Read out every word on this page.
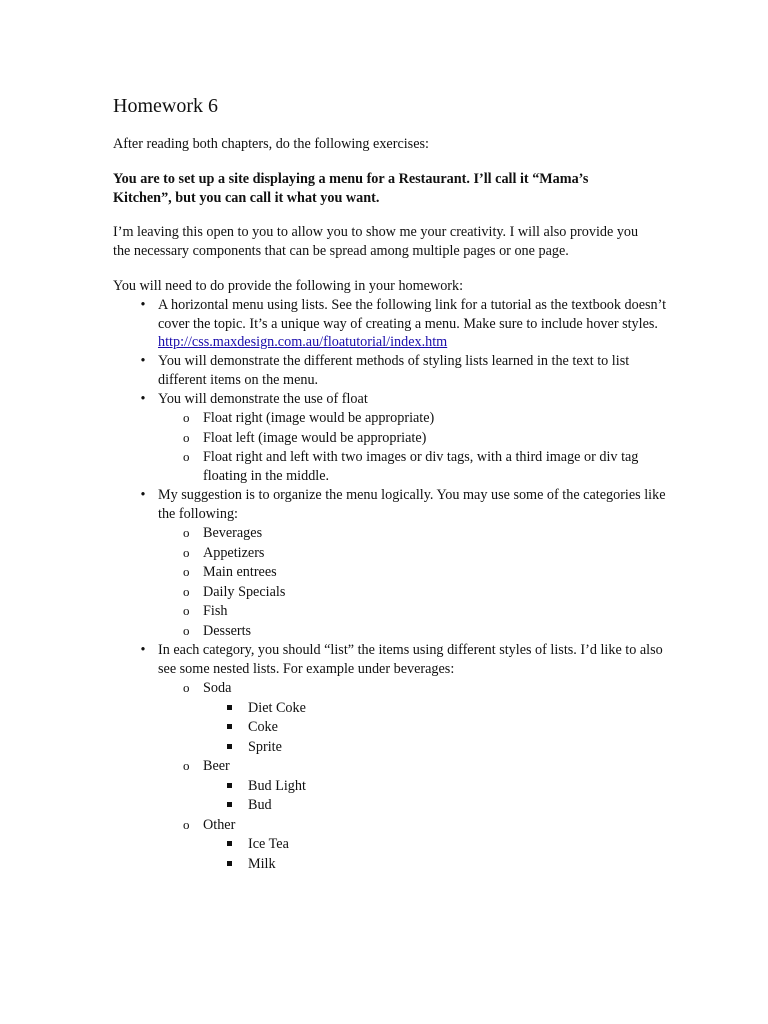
Homework 6

After reading both chapters, do the following exercises:

You are to set up a site displaying a menu for a Restaurant. I’ll call it “Mama’s Kitchen”, but you can call it what you want.

I’m leaving this open to you to allow you to show me your creativity. I will also provide you the necessary components that can be spread among multiple pages or one page.

You will need to do provide the following in your homework:

• A horizontal menu using lists. See the following link for a tutorial as the textbook doesn’t cover the topic. It’s a unique way of creating a menu. Make sure to include hover styles.
http://css.maxdesign.com.au/floatutorial/index.htm
• You will demonstrate the different methods of styling lists learned in the text to list different items on the menu.
• You will demonstrate the use of float
o Float right (image would be appropriate)
o Float left (image would be appropriate)
o Float right and left with two images or div tags, with a third image or div tag floating in the middle.
• My suggestion is to organize the menu logically. You may use some of the categories like the following:
o Beverages
o Appetizers
o Main entrees
o Daily Specials
o Fish
o Desserts
• In each category, you should “list” the items using different styles of lists. I’d like to also see some nested lists. For example under beverages:
o Soda
Diet Coke
Coke
Sprite
o Beer
Bud Light
Bud
o Other
Ice Tea
Milk
